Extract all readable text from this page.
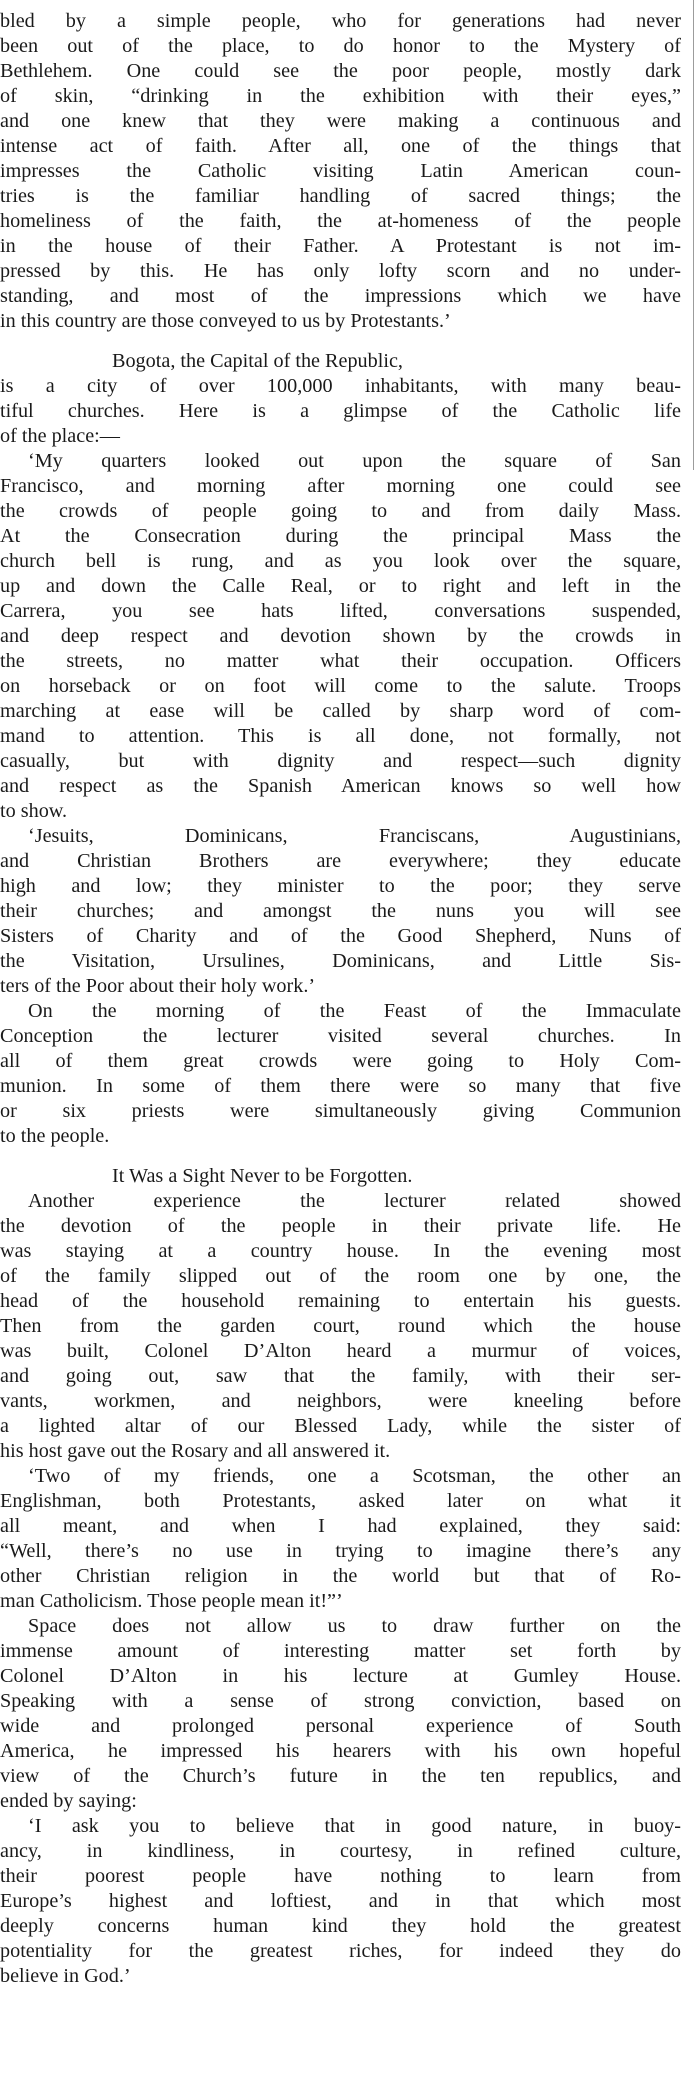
bled by a simple people, who for generations had never
been out of the place, to do honor to the Mystery of
Bethlehem. One could see the poor people, mostly dark
of skin, “drinking in the exhibition with their eyes,”
and one knew that they were making a continuous and
intense act of faith. After all, one of the things that
impresses the Catholic visiting Latin American coun-
tries is the familiar handling of sacred things; the
homeliness of the faith, the at-homeness of the people
in the house of their Father. A Protestant is not im-
pressed by this. He has only lofty scorn and no under-
standing, and most of the impressions which we have
in this country are those conveyed to us by Protestants.’
Bogota, the Capital of the Republic,
is a city of over 100,000 inhabitants, with many beau-
tiful churches. Here is a glimpse of the Catholic life
of the place:—
‘My quarters looked out upon the square of San
Francisco, and morning after morning one could see
the crowds of people going to and from daily Mass.
At the Consecration during the principal Mass the
church bell is rung, and as you look over the square,
up and down the Calle Real, or to right and left in the
Carrera, you see hats lifted, conversations suspended,
and deep respect and devotion shown by the crowds in
the streets, no matter what their occupation. Officers
on horseback or on foot will come to the salute. Troops
marching at ease will be called by sharp word of com-
mand to attention. This is all done, not formally, not
casually, but with dignity and respect—such dignity
and respect as the Spanish American knows so well how
to show.
‘Jesuits, Dominicans, Franciscans, Augustinians,
and Christian Brothers are everywhere; they educate
high and low; they minister to the poor; they serve
their churches; and amongst the nuns you will see
Sisters of Charity and of the Good Shepherd, Nuns of
the Visitation, Ursulines, Dominicans, and Little Sis-
ters of the Poor about their holy work.’
On the morning of the Feast of the Immaculate
Conception the lecturer visited several churches. In
all of them great crowds were going to Holy Com-
munion. In some of them there were so many that five
or six priests were simultaneously giving Communion
to the people.
It Was a Sight Never to be Forgotten.
Another experience the lecturer related showed
the devotion of the people in their private life. He
was staying at a country house. In the evening most
of the family slipped out of the room one by one, the
head of the household remaining to entertain his guests.
Then from the garden court, round which the house
was built, Colonel D’Alton heard a murmur of voices,
and going out, saw that the family, with their ser-
vants, workmen, and neighbors, were kneeling before
a lighted altar of our Blessed Lady, while the sister of
his host gave out the Rosary and all answered it.
‘Two of my friends, one a Scotsman, the other an
Englishman, both Protestants, asked later on what it
all meant, and when I had explained, they said:
“Well, there’s no use in trying to imagine there’s any
other Christian religion in the world but that of Ro-
man Catholicism. Those people mean it!”’
Space does not allow us to draw further on the
immense amount of interesting matter set forth by
Colonel D’Alton in his lecture at Gumley House.
Speaking with a sense of strong conviction, based on
wide and prolonged personal experience of South
America, he impressed his hearers with his own hopeful
view of the Church’s future in the ten republics, and
ended by saying:
‘I ask you to believe that in good nature, in buoy-
ancy, in kindliness, in courtesy, in refined culture,
their poorest people have nothing to learn from
Europe’s highest and loftiest, and in that which most
deeply concerns human kind they hold the greatest
potentiality for the greatest riches, for indeed they do
believe in God.’
